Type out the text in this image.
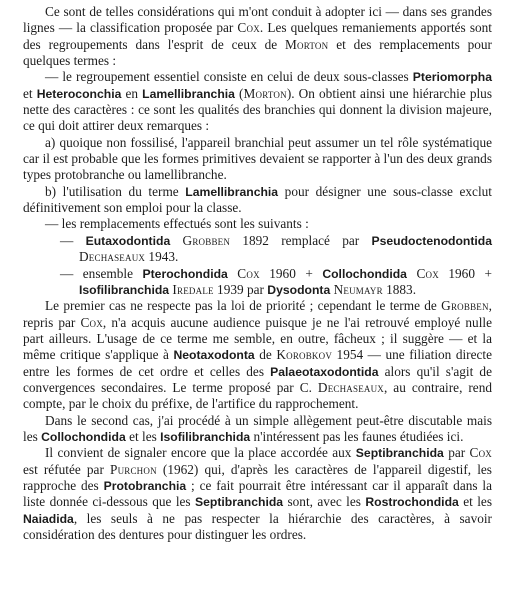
Ce sont de telles considérations qui m'ont conduit à adopter ici — dans ses grandes lignes — la classification proposée par Cox. Les quelques remaniements apportés sont des regroupements dans l'esprit de ceux de Morton et des remplacements pour quelques termes :

— le regroupement essentiel consiste en celui de deux sous-classes Pteriomorpha et Heteroconchia en Lamellibranchia (Morton). On obtient ainsi une hiérarchie plus nette des caractères : ce sont les qualités des branchies qui donnent la division majeure, ce qui doit attirer deux remarques :

a) quoique non fossilisé, l'appareil branchial peut assumer un tel rôle systématique car il est probable que les formes primitives devaient se rapporter à l'un des deux grands types protobranche ou lamellibranche.

b) l'utilisation du terme Lamellibranchia pour désigner une sous-classe exclut définitivement son emploi pour la classe.

— les remplacements effectués sont les suivants :

— Eutaxodontida Grobben 1892 remplacé par Pseudoctenodontida Dechaseaux 1943.

— ensemble Pterochondida Cox 1960 + Collochondida Cox 1960 + Isofilibranchida Iredale 1939 par Dysodonta Neumayr 1883.

Le premier cas ne respecte pas la loi de priorité ; cependant le terme de Grobben, repris par Cox, n'a acquis aucune audience puisque je ne l'ai retrouvé employé nulle part ailleurs. L'usage de ce terme me semble, en outre, fâcheux ; il suggère — et la même critique s'applique à Neotaxodonta de Korobkov 1954 — une filiation directe entre les formes de cet ordre et celles des Palaeotaxodontida alors qu'il s'agit de convergences secondaires. Le terme proposé par C. Dechaseaux, au contraire, rend compte, par le choix du préfixe, de l'artifice du rapprochement.

Dans le second cas, j'ai procédé à un simple allègement peut-être discutable mais les Collochondida et les Isofilibranchida n'intéressent pas les faunes étudiées ici.

Il convient de signaler encore que la place accordée aux Septibranchida par Cox est réfutée par Purchon (1962) qui, d'après les caractères de l'appareil digestif, les rapproche des Protobranchia ; ce fait pourrait être intéressant car il apparaît dans la liste donnée ci-dessous que les Septibranchida sont, avec les Rostrochondida et les Naiadida, les seuls à ne pas respecter la hiérarchie des caractères, à savoir considération des dentures pour distinguer les ordres.
